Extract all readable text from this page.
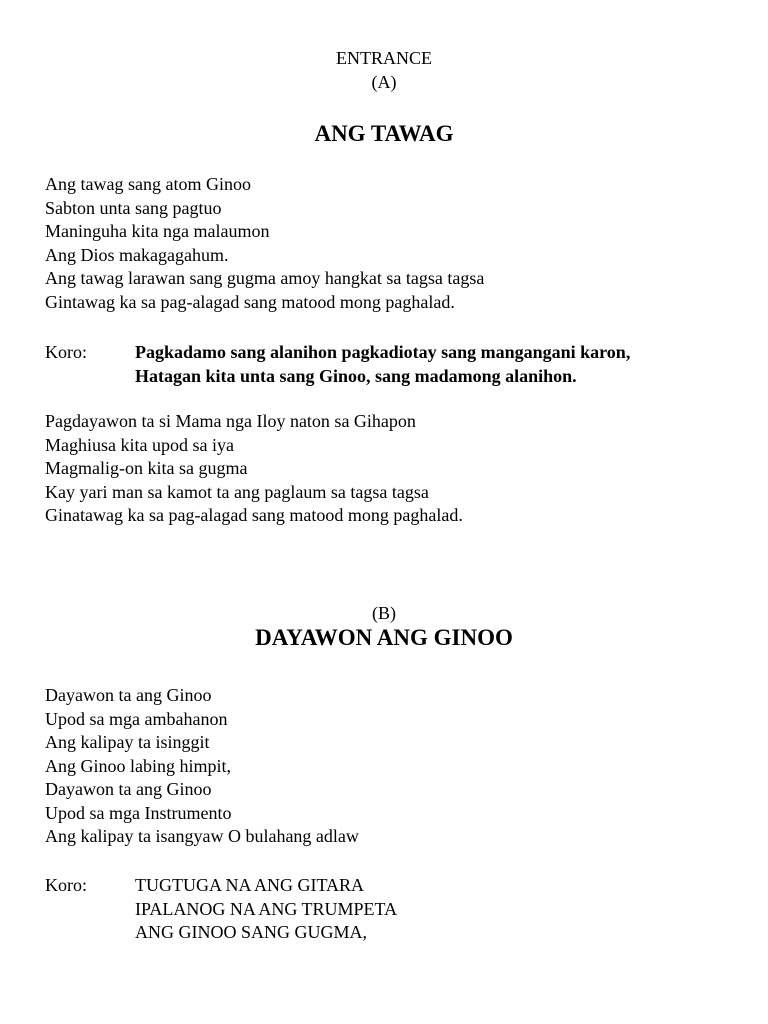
ENTRANCE
(A)
ANG TAWAG
Ang tawag sang atom Ginoo
Sabton unta sang pagtuo
Maninguha kita nga malaumon
Ang Dios makagagahum.
Ang tawag larawan sang gugma amoy hangkat sa tagsa tagsa
Gintawag ka sa pag-alagad sang matood mong paghalad.
Koro:	Pagkadamo sang alanihon pagkadiotay sang mangangani karon,
Hatagan kita unta sang Ginoo, sang madamong alanihon.
Pagdayawon ta si Mama nga Iloy naton sa Gihapon
Maghiusa kita upod sa iya
Magmalig-on kita sa gugma
Kay yari man sa kamot ta ang paglaum sa tagsa tagsa
Ginatawag ka sa pag-alagad sang matood mong paghalad.
(B)
DAYAWON ANG GINOO
Dayawon ta ang Ginoo
Upod sa mga ambahanon
Ang kalipay ta isinggit
Ang Ginoo labing himpit,
Dayawon ta ang Ginoo
Upod sa mga Instrumento
Ang kalipay ta isangyaw O bulahang adlaw
Koro:	TUGTUGA NA ANG GITARA
IPALANOG NA ANG TRUMPETA
ANG GINOO SANG GUGMA,
